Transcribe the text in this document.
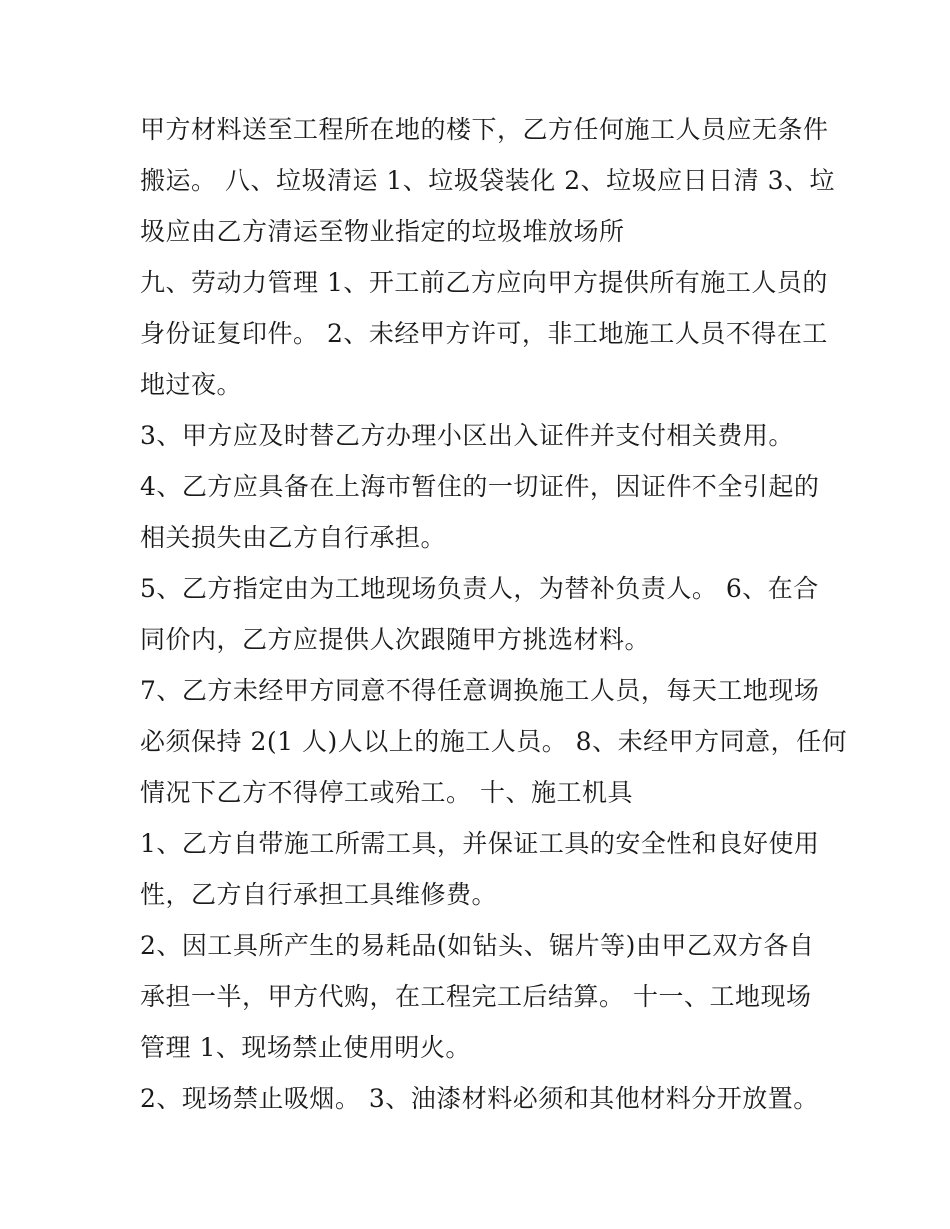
甲方材料送至工程所在地的楼下，乙方任何施工人员应无条件
搬运。 八、垃圾清运 1、垃圾袋装化 2、垃圾应日日清 3、垃
圾应由乙方清运至物业指定的垃圾堆放场所
九、劳动力管理 1、开工前乙方应向甲方提供所有施工人员的
身份证复印件。 2、未经甲方许可，非工地施工人员不得在工
地过夜。
3、甲方应及时替乙方办理小区出入证件并支付相关费用。
4、乙方应具备在上海市暂住的一切证件，因证件不全引起的
相关损失由乙方自行承担。
5、乙方指定由为工地现场负责人，为替补负责人。 6、在合
同价内，乙方应提供人次跟随甲方挑选材料。
7、乙方未经甲方同意不得任意调换施工人员，每天工地现场
必须保持 2(1 人)人以上的施工人员。 8、未经甲方同意，任何
情况下乙方不得停工或殆工。 十、施工机具
1、乙方自带施工所需工具，并保证工具的安全性和良好使用
性，乙方自行承担工具维修费。
2、因工具所产生的易耗品(如钻头、锯片等)由甲乙双方各自
承担一半，甲方代购，在工程完工后结算。 十一、工地现场
管理 1、现场禁止使用明火。
2、现场禁止吸烟。 3、油漆材料必须和其他材料分开放置。
